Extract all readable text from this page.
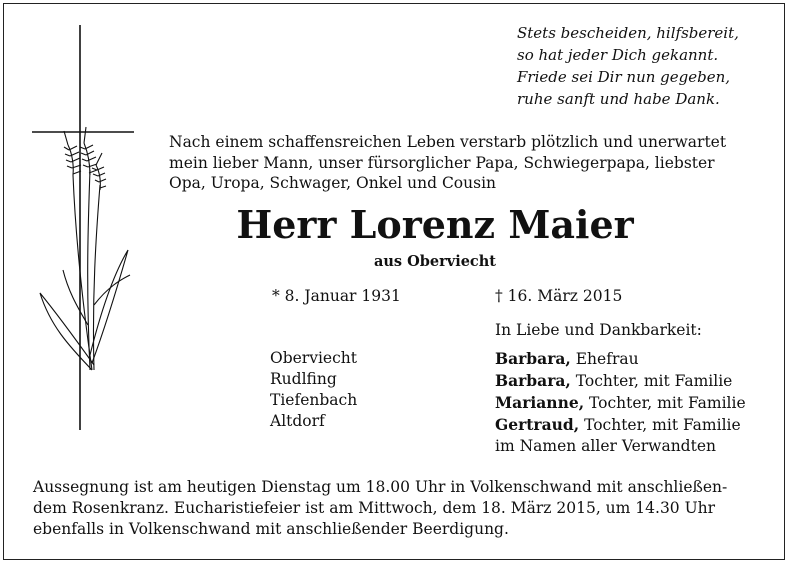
Stets bescheiden, hilfsbereit,
so hat jeder Dich gekannt.
Friede sei Dir nun gegeben,
ruhe sanft und habe Dank.
Nach einem schaffensreichen Leben verstarb plötzlich und unerwartet
mein lieber Mann, unser fürsorglicher Papa, Schwiegerpapa, liebster
Opa, Uropa, Schwager, Onkel und Cousin
Herr Lorenz Maier
aus Oberviecht
* 8. Januar 1931	† 16. März 2015
In Liebe und Dankbarkeit:
Oberviecht
Rudlfing
Tiefenbach
Altdorf
Barbara, Ehefrau
Barbara, Tochter, mit Familie
Marianne, Tochter, mit Familie
Gertraud, Tochter, mit Familie
im Namen aller Verwandten
Aussegnung ist am heutigen Dienstag um 18.00 Uhr in Volkenschwand mit anschließen-
dem Rosenkranz. Eucharistiefeier ist am Mittwoch, dem 18. März 2015, um 14.30 Uhr
ebenfalls in Volkenschwand mit anschließender Beerdigung.
